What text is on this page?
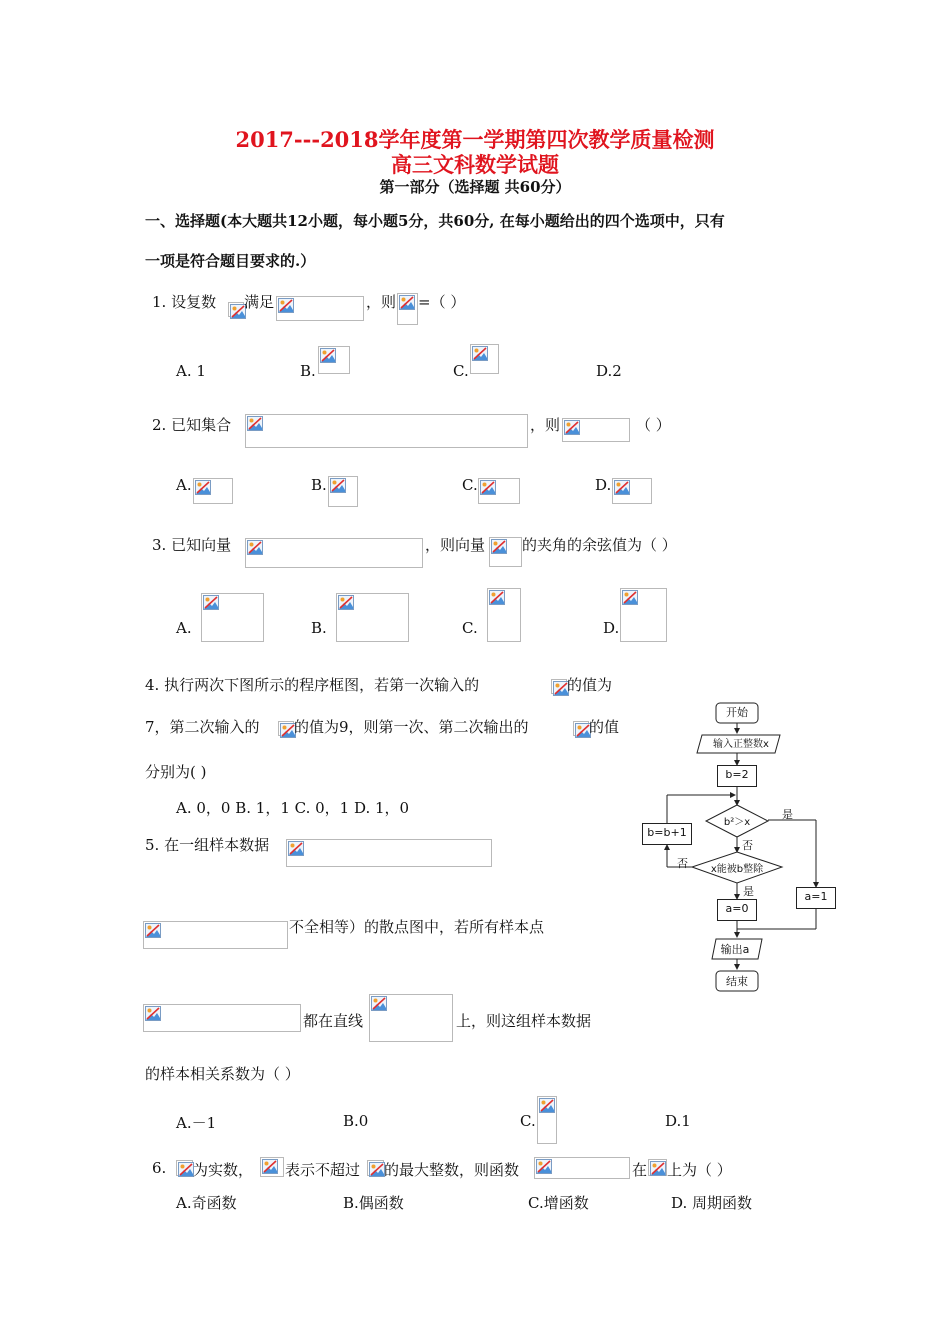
2017---2018学年度第一学期第四次教学质量检测
高三文科数学试题
第一部分（选择题 共60分）
一、选择题(本大题共12小题，每小题5分，共60分, 在每小题给出的四个选项中，只有
一项是符合题目要求的.）
1. 设复数 满足	，则 =（ ）
A. 1	B.	C.	D.2
2. 已知集合	，则	（ ）
A.	B.	C.	D.
3. 已知向量	，则向量 的夹角的余弦值为（ ）
A.	B.	C.	D.
4. 执行两次下图所示的程序框图，若第一次输入的	的值为
7，第二次输入的 的值为9，则第一次、第二次输出的	的值
分别为( )
A. 0，0 B. 1，1 C. 0，1 D. 1，0
开始
输入正整数x
b=2
b²＞x
是
否
x能被b整除
否
是
b=b+1
a=0
a=1
输出a
结束
5. 在一组样本数据
不全相等）的散点图中，若所有样本点
都在直线	上，则这组样本数据
的样本相关系数为（ ）
A.－1	B.0	C.	D.1
6. 为实数， 表示不超过 的最大整数，则函数	在 上为（ ）
A.奇函数	B.偶函数	C.增函数	D. 周期函数
